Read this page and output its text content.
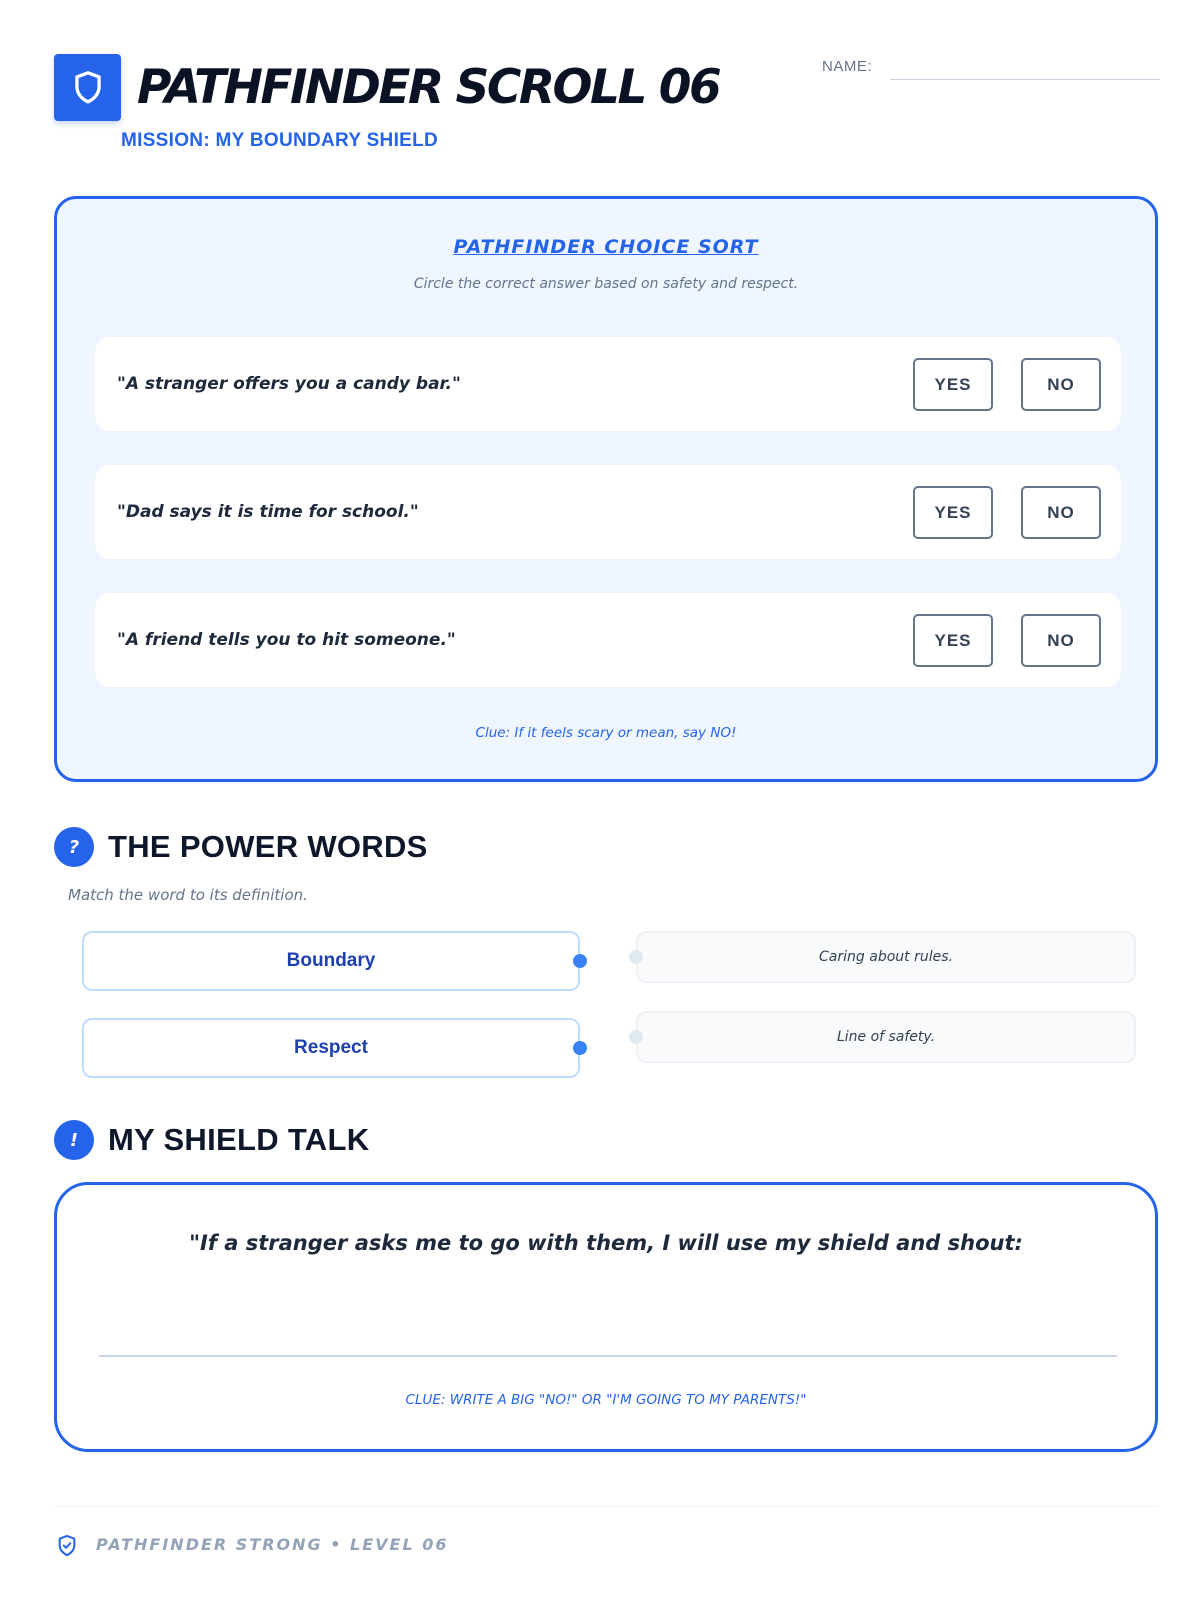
PATHFINDER SCROLL 06
MISSION: MY BOUNDARY SHIELD
NAME:
PATHFINDER CHOICE SORT
Circle the correct answer based on safety and respect.
"A stranger offers you a candy bar."	YES	NO
"Dad says it is time for school."	YES	NO
"A friend tells you to hit someone."	YES	NO
Clue: If it feels scary or mean, say NO!
? THE POWER WORDS
Match the word to its definition.
Boundary
Respect
Caring about rules.
Line of safety.
! MY SHIELD TALK
"If a stranger asks me to go with them, I will use my shield and shout:
CLUE: WRITE A BIG "NO!" OR "I'M GOING TO MY PARENTS!"
PATHFINDER STRONG • LEVEL 06
